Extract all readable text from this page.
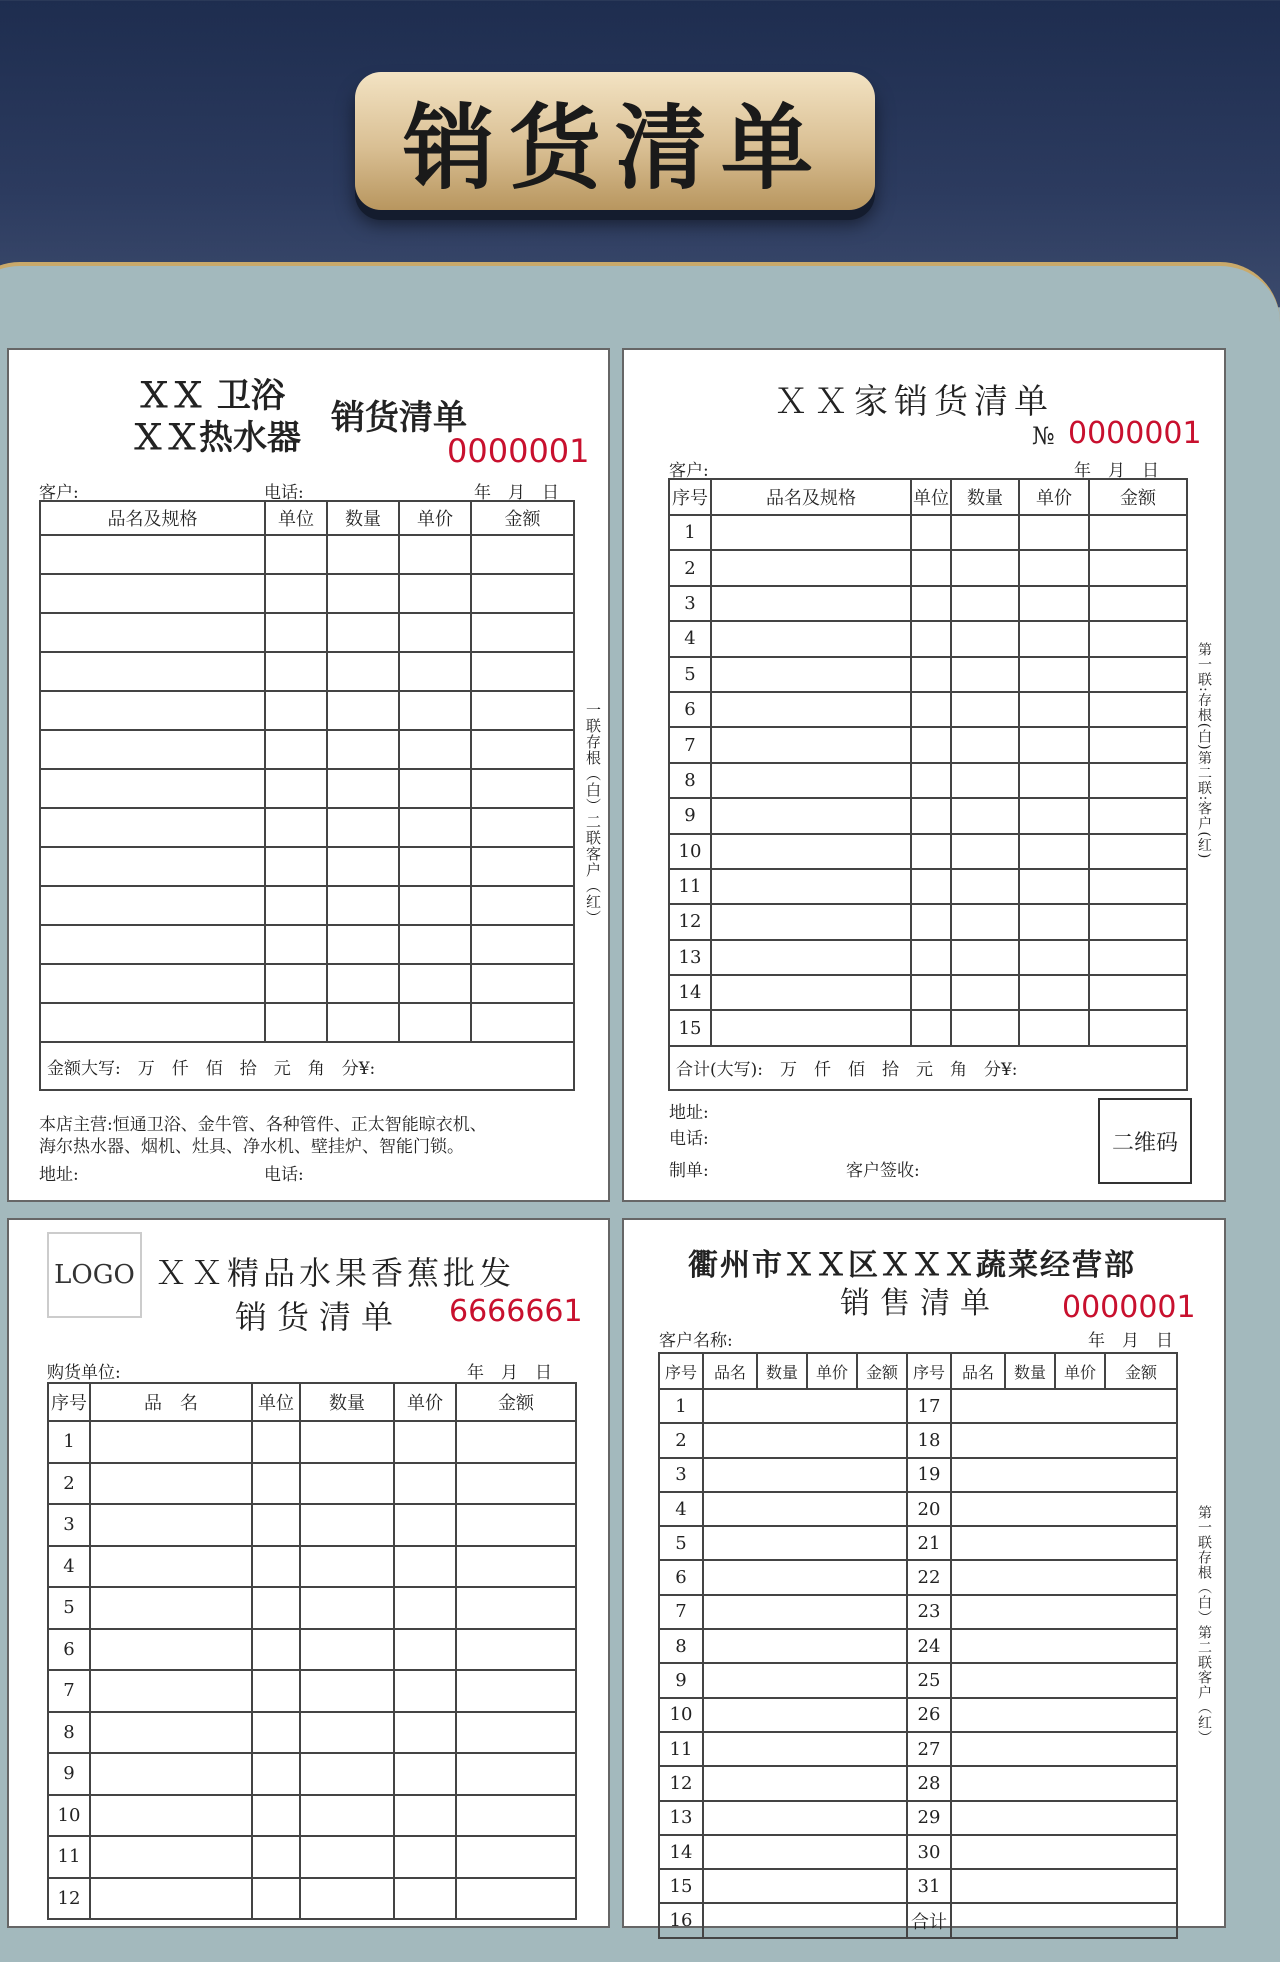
销货清单
ＸＸ 卫浴
ＸＸ热水器 销货清单
0000001
客户:	电话:	年　月　日
品名及规格	单位	数量	单价	金额

金额大写:　万　仟　佰　拾　元　角　分¥:				
本店主营:恒通卫浴、金牛管、各种管件、正太智能晾衣机、
海尔热水器、烟机、灶具、净水机、壁挂炉、智能门锁。
地址:	电话:
一联存根（白）二联客户（红）
ＸＸ家销货清单
№ 0000001
客户:	年　月　日
序号	品名及规格	单位	数量	单价	金额
1					
2					
3					
4					
5					
6					
7					
8					
9					
10					
11					
12					
13					
14					
15					
合计(大写):　万　仟　佰　拾　元　角　分¥:					
地址:
电话:
制单:	客户签收:
二维码
第一联:存根(白)第二联:客户(红)
LOGO ＸＸ精品水果香蕉批发
销货清单 6666661
购货单位:	年　月　日
序号	品　名	单位	数量	单价	金额
1					
2					
3					
4					
5					
6					
7					
8					
9					
10					
11					
12					
衢州市ＸＸ区ＸＸＸ蔬菜经营部
销售清单 0000001
客户名称:	年　月　日
序号	品名	数量	单价	金额	序号	品名	数量	单价	金额
1					17				
2					18				
3					19				
4					20				
5					21				
6					22				
7					23				
8					24				
9					25				
10					26				
11					27				
12					28				
13					29				
14					30				
15					31				
16					合计				
第一联存根（白）第二联客户（红）
